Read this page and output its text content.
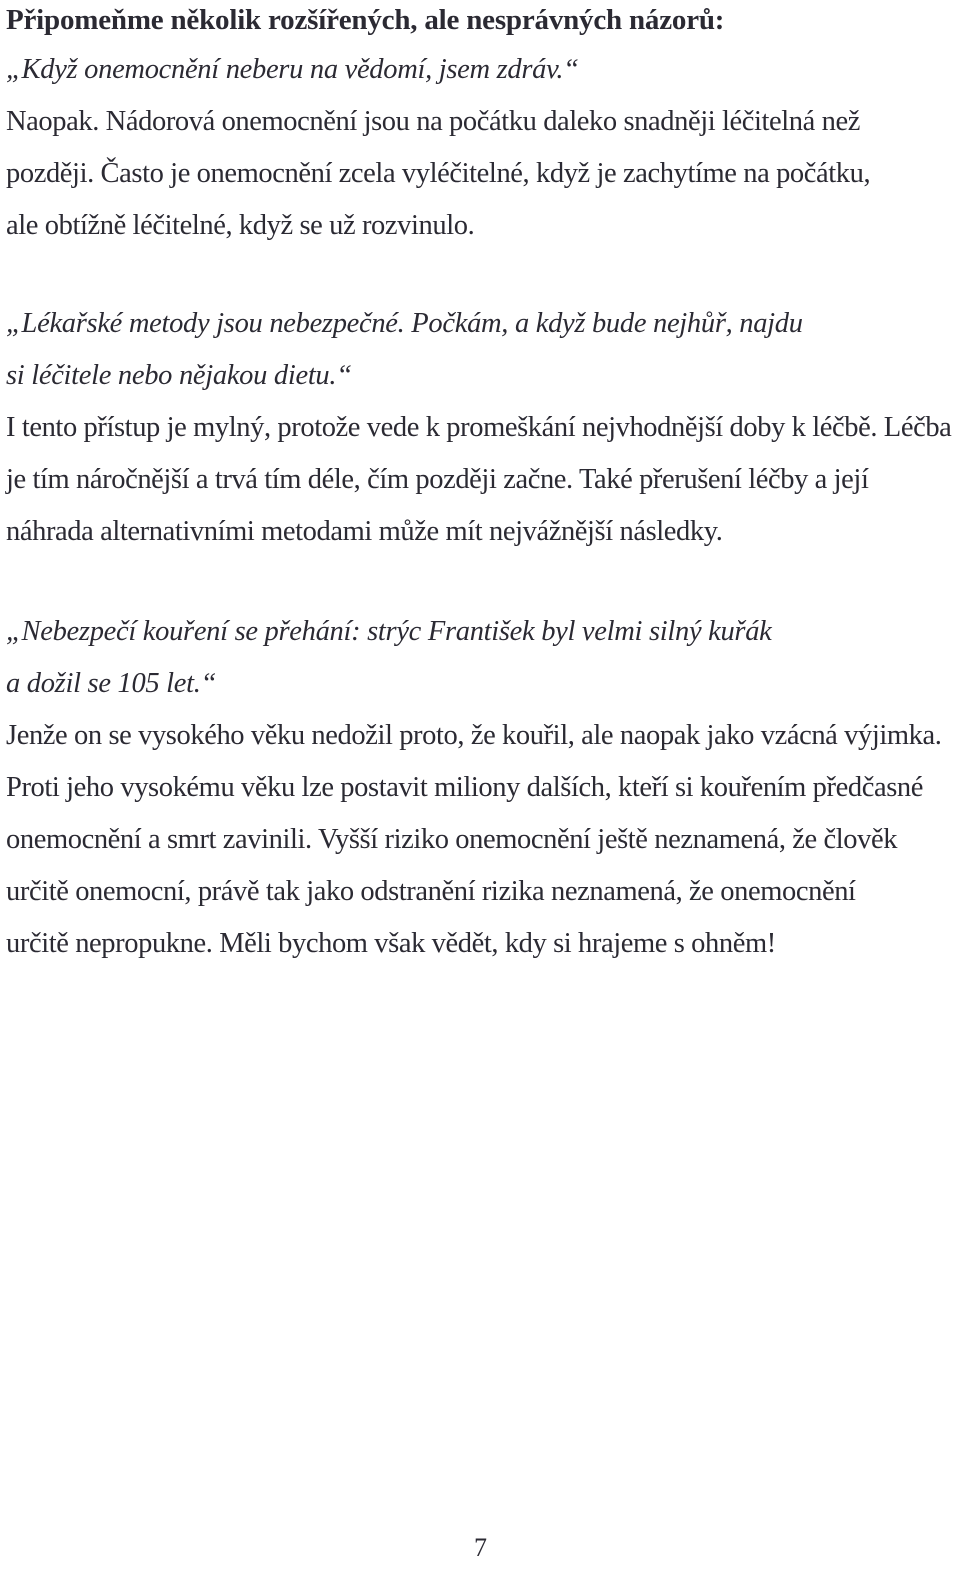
Připomeňme několik rozšířených, ale nesprávných názorů:
„Když onemocnění neberu na vědomí, jsem zdráv.“
Naopak. Nádorová onemocnění jsou na počátku daleko snadněji léčitelná než
později. Často je onemocnění zcela vyléčitelné, když je zachytíme na počátku,
ale obtížně léčitelné, když se už rozvinulo.
„Lékařské metody jsou nebezpečné. Počkám, a když bude nejhůř, najdu
si léčitele nebo nějakou dietu.“
I tento přístup je mylný, protože vede k promeškání nejvhodnější doby k léčbě. Léčba
je tím náročnější a trvá tím déle, čím později začne. Také přerušení léčby a její
náhrada alternativními metodami může mít nejvážnější následky.
„Nebezpečí kouření se přehání: strýc František byl velmi silný kuřák
a dožil se 105 let.“
Jenže on se vysokého věku nedožil proto, že kouřil, ale naopak jako vzácná výjimka.
Proti jeho vysokému věku lze postavit miliony dalších, kteří si kouřením předčasné
onemocnění a smrt zavinili. Vyšší riziko onemocnění ještě neznamená, že člověk
určitě onemocní, právě tak jako odstranění rizika neznamená, že onemocnění
určitě nepropukne. Měli bychom však vědět, kdy si hrajeme s ohněm!
7
